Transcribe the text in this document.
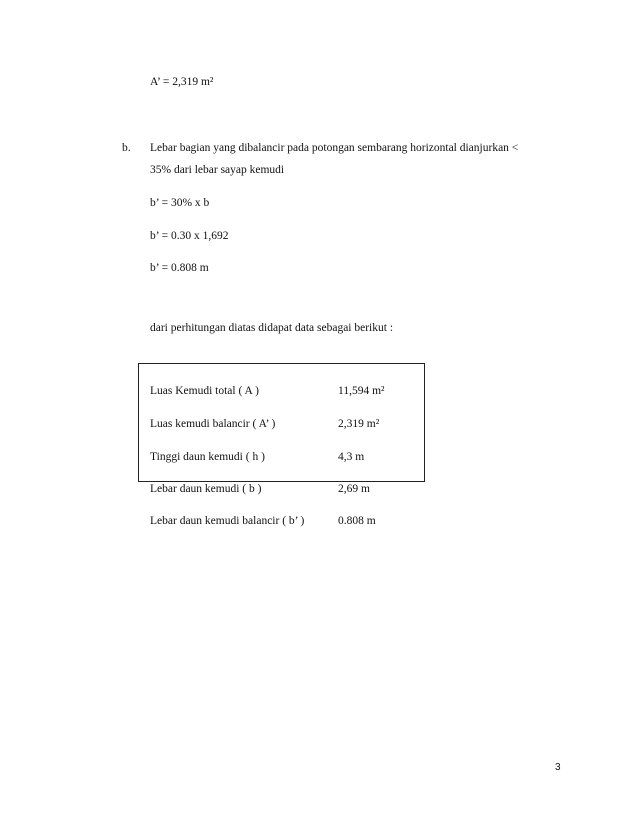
A’ = 2,319 m²
b. Lebar bagian yang dibalancir pada potongan sembarang horizontal dianjurkan <
35% dari lebar sayap kemudi
b’ = 30% x b
b’ = 0.30 x 1,692
b’ = 0.808 m
dari perhitungan diatas didapat data sebagai berikut :
Luas Kemudi total ( A )	11,594 m²
Luas kemudi balancir ( A’ )	2,319 m²
Tinggi daun kemudi ( h )	4,3 m
Lebar daun kemudi ( b )	2,69 m
Lebar daun kemudi balancir ( b’ )	0.808 m
3
